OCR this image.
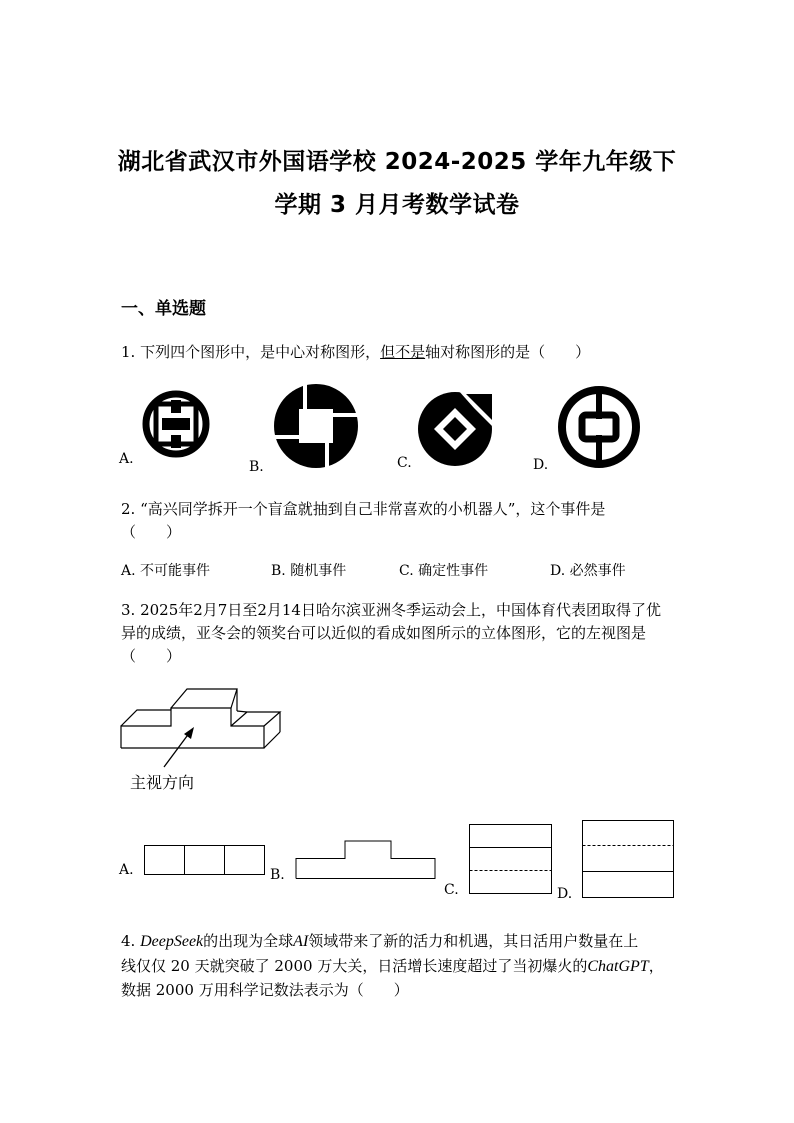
湖北省武汉市外国语学校 2024-2025 学年九年级下
学期 3 月月考数学试卷
一、单选题
1. 下列四个图形中，是中心对称图形，但不是轴对称图形的是（　　）
A.	B.	C.	D.
2. “高兴同学拆开一个盲盒就抽到自己非常喜欢的小机器人”，这个事件是
（　　）
A. 不可能事件	B. 随机事件	C. 确定性事件	D. 必然事件
3. 2025年2月7日至2月14日哈尔滨亚洲冬季运动会上，中国体育代表团取得了优
异的成绩，亚冬会的领奖台可以近似的看成如图所示的立体图形，它的左视图是
（　　）
主视方向
A.	B.
C.	D.
4. DeepSeek的出现为全球AI领域带来了新的活力和机遇，其日活用户数量在上
线仅仅 20 天就突破了 2000 万大关，日活增长速度超过了当初爆火的ChatGPT，
数据 2000 万用科学记数法表示为（　　）
